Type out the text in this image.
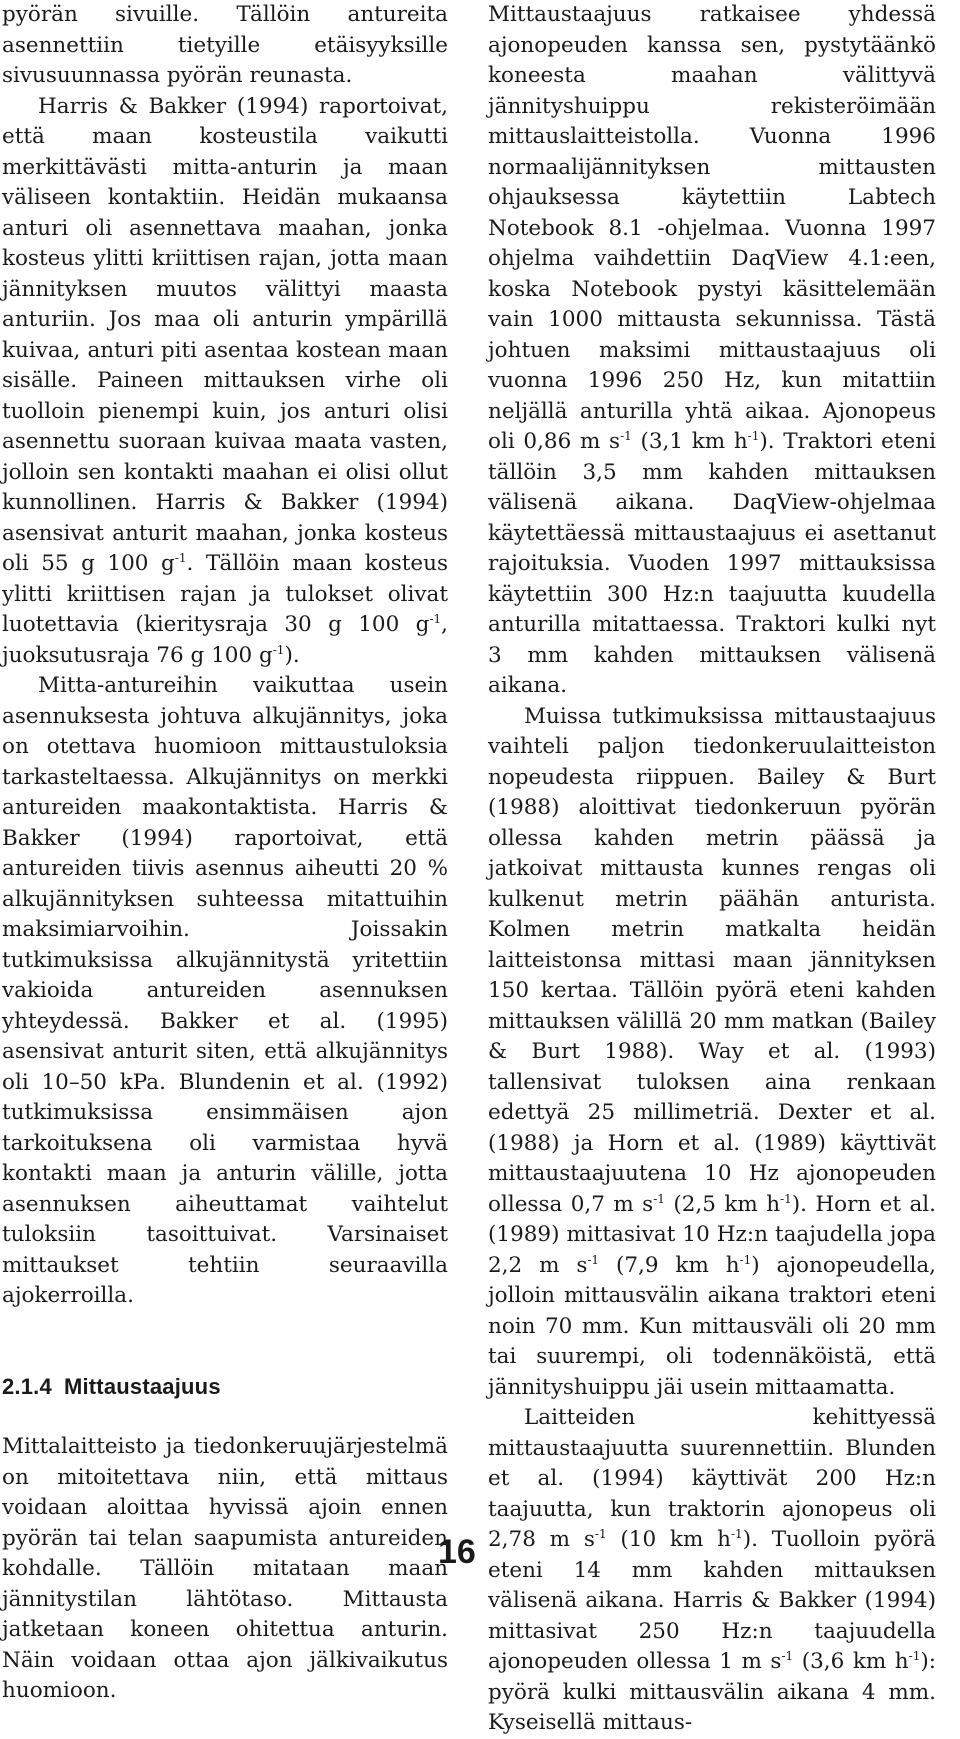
pyörän sivuille. Tällöin antureita asennettiin tietyille etäisyyksille sivusuunnassa pyörän reunasta.

Harris & Bakker (1994) raportoivat, että maan kosteustila vaikutti merkittävästi mitta-anturin ja maan väliseen kontaktiin. Heidän mukaansa anturi oli asennettava maahan, jonka kosteus ylitti kriittisen rajan, jotta maan jännityksen muutos välittyi maasta anturiin. Jos maa oli anturin ympärillä kuivaa, anturi piti asentaa kostean maan sisälle. Paineen mittauksen virhe oli tuolloin pienempi kuin, jos anturi olisi asennettu suoraan kuivaa maata vasten, jolloin sen kontakti maahan ei olisi ollut kunnollinen. Harris & Bakker (1994) asensivat anturit maahan, jonka kosteus oli 55 g 100 $g^{-1}$. Tällöin maan kosteus ylitti kriittisen rajan ja tulokset olivat luotettavia (kieritysraja 30 g 100 $g^{-1}$, juoksutusraja 76 g 100 $g^{-1}$).

Mitta-antureihin vaikuttaa usein asennuksesta johtuva alkujännitys, joka on otettava huomioon mittaustuloksia tarkasteltaessa. Alkujännitys on merkki antureiden maakontaktista. Harris & Bakker (1994) raportoivat, että antureiden tiivis asennus aiheutti 20 % alkujännityksen suhteessa mitattuihin maksimiarvoihin. Joissakin tutkimuksissa alkujännitystä yritettiin vakioida antureiden asennuksen yhteydessä. Bakker et al. (1995) asensivat anturit siten, että alkujännitys oli 10–50 kPa. Blundenin et al. (1992) tutkimuksissa ensimmäisen ajon tarkoituksena oli varmistaa hyvä kontakti maan ja anturin välille, jotta asennuksen aiheuttamat vaihtelut tuloksiin tasoittuivat. Varsinaiset mittaukset tehtiin seuraavilla ajokerroilla.

2.1.4 Mittaustaajuus

Mittalaitteisto ja tiedonkeruujärjestelmä on mitoitettava niin, että mittaus voidaan aloittaa hyvissä ajoin ennen pyörän tai telan saapumista antureiden kohdalle. Tällöin mitataan maan jännitystilan lähtötaso. Mittausta jatketaan koneen ohitettua anturin. Näin voidaan ottaa ajon jälkivaikutus huomioon.

Mittaustaajuus ratkaisee yhdessä ajonopeuden kanssa sen, pystytäänkö koneesta maahan välittyvä jännityshuippu rekisteröimään mittauslaitteistolla. Vuonna 1996 normaalijännityksen mittausten ohjauksessa käytettiin Labtech Notebook 8.1 -ohjelmaa. Vuonna 1997 ohjelma vaihdettiin DaqView 4.1:een, koska Notebook pystyi käsittelemään vain 1000 mittausta sekunnissa. Tästä johtuen maksimi mittaustaajuus oli vuonna 1996 250 Hz, kun mitattiin neljällä anturilla yhtä aikaa. Ajonopeus oli 0,86 m $s^{-1}$ (3,1 km $h^{-1}$). Traktori eteni tällöin 3,5 mm kahden mittauksen välisenä aikana. DaqView-ohjelmaa käytettäessä mittaustaajuus ei asettanut rajoituksia. Vuoden 1997 mittauksissa käytettiin 300 Hz:n taajuutta kuudella anturilla mitattaessa. Traktori kulki nyt 3 mm kahden mittauksen välisenä aikana.

Muissa tutkimuksissa mittaustaajuus vaihteli paljon tiedonkeruulaitteiston nopeudesta riippuen. Bailey & Burt (1988) aloittivat tiedonkeruun pyörän ollessa kahden metrin päässä ja jatkoivat mittausta kunnes rengas oli kulkenut metrin päähän anturista. Kolmen metrin matkalta heidän laitteistonsa mittasi maan jännityksen 150 kertaa. Tällöin pyörä eteni kahden mittauksen välillä 20 mm matkan (Bailey & Burt 1988). Way et al. (1993) tallensivat tuloksen aina renkaan edettyä 25 millimetriä. Dexter et al. (1988) ja Horn et al. (1989) käyttivät mittaustaajuutena 10 Hz ajonopeuden ollessa 0,7 m $s^{-1}$ (2,5 km $h^{-1}$). Horn et al. (1989) mittasivat 10 Hz:n taajudella jopa 2,2 m $s^{-1}$ (7,9 km $h^{-1}$) ajonopeudella, jolloin mittausvälin aikana traktori eteni noin 70 mm. Kun mittausväli oli 20 mm tai suurempi, oli todennäköistä, että jännityshuippu jäi usein mittaamatta.

Laitteiden kehittyessä mittaustaajuutta suurennettiin. Blunden et al. (1994) käyttivät 200 Hz:n taajuutta, kun traktorin ajonopeus oli 2,78 m $s^{-1}$ (10 km $h^{-1}$). Tuolloin pyörä eteni 14 mm kahden mittauksen välisenä aikana. Harris & Bakker (1994) mittasivat 250 Hz:n taajuudella ajonopeuden ollessa 1 m $s^{-1}$ (3,6 km $h^{-1}$): pyörä kulki mittausvälin aikana 4 mm. Kyseisellä mittaus-

16
